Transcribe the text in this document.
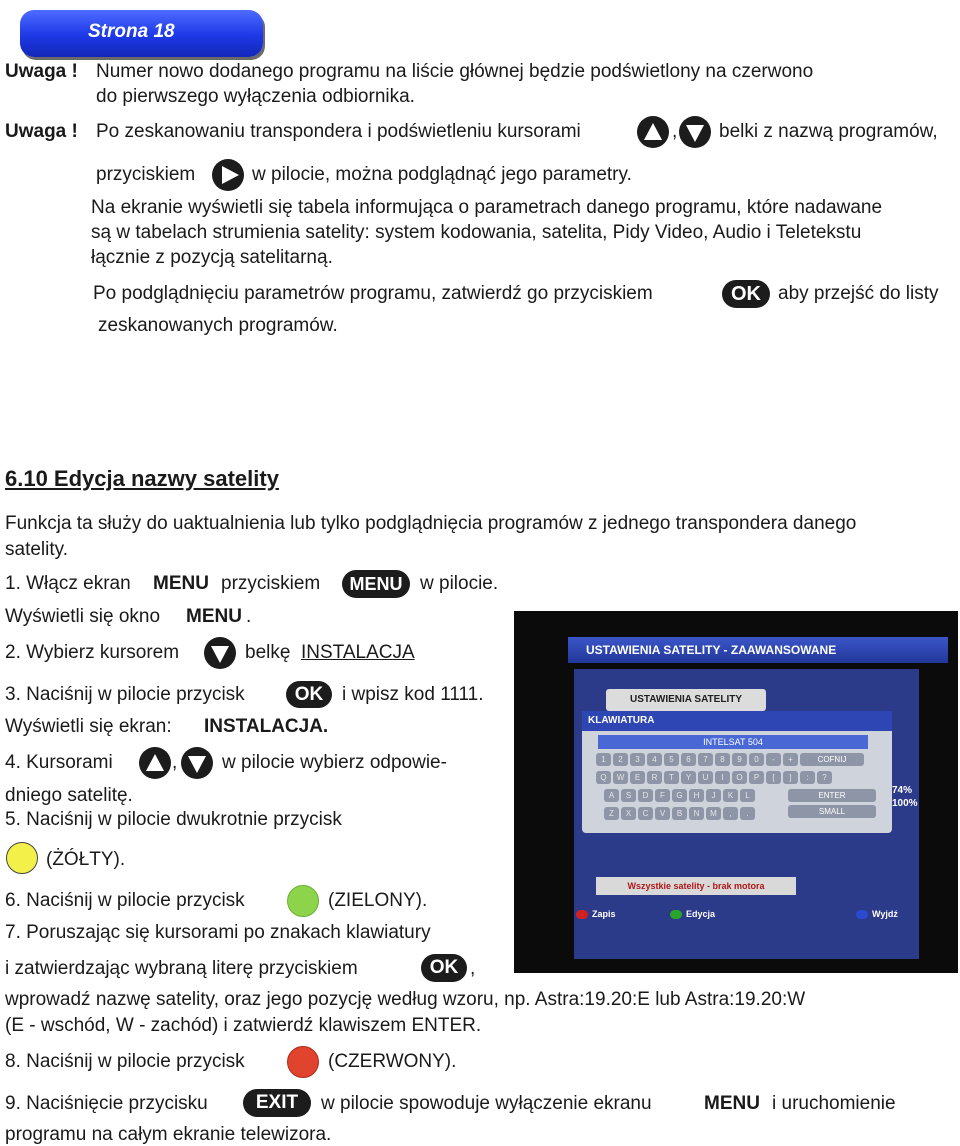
Strona 18
Uwaga ! Numer nowo dodanego programu na liście głównej będzie podświetlony na czerwono
do pierwszego wyłączenia odbiornika.
Uwaga ! Po zeskanowaniu transpondera i podświetleniu kursorami	, belki z nazwą programów,
przyciskiem	w pilocie, można podglądnąć jego parametry.
Na ekranie wyświetli się tabela informująca o parametrach danego programu, które nadawane
są w tabelach strumienia satelity: system kodowania, satelita, Pidy Video, Audio i Teletekstu
łącznie z pozycją satelitarną.
Po podglądnięciu parametrów programu, zatwierdź go przyciskiem	OK aby przejść do listy
zeskanowanych programów.
6.10 Edycja nazwy satelity
Funkcja ta służy do uaktualnienia lub tylko podglądnięcia programów z jednego transpondera danego
satelity.
1. Włącz ekran MENU przyciskiem	MENU w pilocie.
Wyświetli się okno MENU .
2. Wybierz kursorem	belkę INSTALACJA
3. Naciśnij w pilocie przycisk	OK i wpisz kod 1111.
Wyświetli się ekran: INSTALACJA.
4. Kursorami	, w pilocie wybierz odpowie-
dniego satelitę.
5. Naciśnij w pilocie dwukrotnie przycisk
(ŻÓŁTY).
6. Naciśnij w pilocie przycisk	(ZIELONY).
7. Poruszając się kursorami po znakach klawiatury
i zatwierdzając wybraną literę przyciskiem	OK ,
wprowadź nazwę satelity, oraz jego pozycję według wzoru, np. Astra:19.20:E lub Astra:19.20:W
(E - wschód, W - zachód) i zatwierdź klawiszem ENTER.
8. Naciśnij w pilocie przycisk	(CZERWONY).
9. Naciśnięcie przycisku	EXIT	w pilocie spowoduje wyłączenie ekranu	MENU i uruchomienie
programu na całym ekranie telewizora.
USTAWIENIA SATELITY - ZAAWANSOWANE
USTAWIENIA SATELITY
KLAWIATURA
INTELSAT 504
1	2	3	4	5	6	7	8	9	0	-	+
Q	W	E	R	T	Y	U	I	O	P	[	]	:	?
A	S	D	F	G	H	J	K	L
Z	X	C	V	B	N	M	,	.
COFNIJ
ENTER
SMALL
74%
100%
Wszystkie satelity - brak motora
Zapis	Edycja	Wyjdź
